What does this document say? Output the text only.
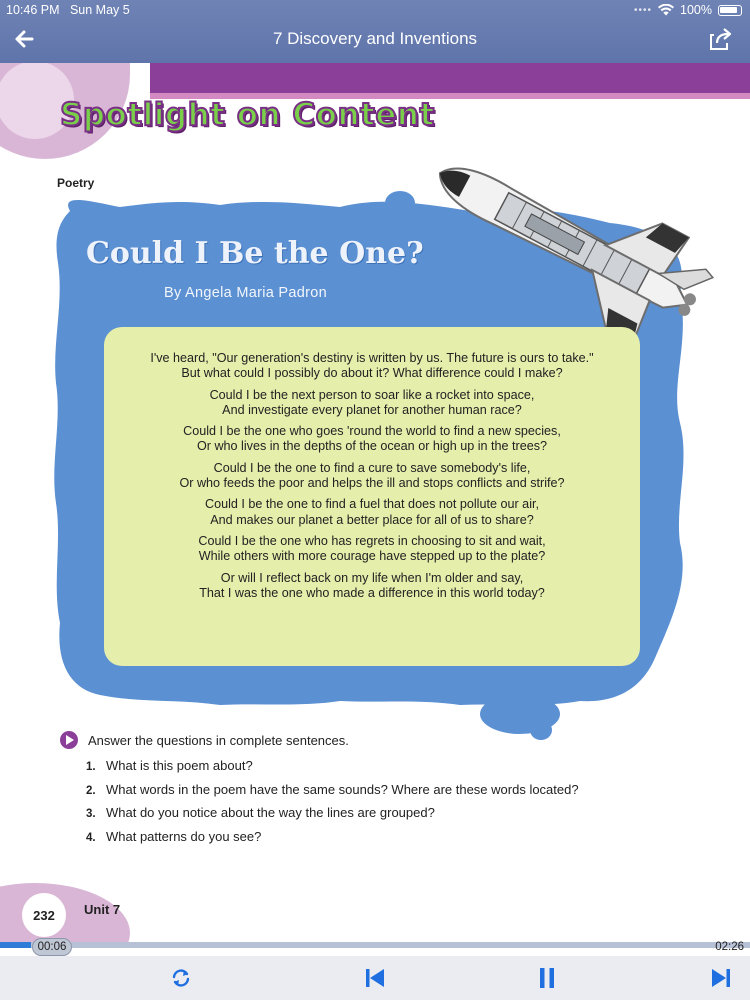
10:46 PM Sun May 5	•••• 100%
7 Discovery and Inventions
Spotlight on Content
Poetry
Could I Be the One?
By Angela Maria Padron
I've heard, "Our generation's destiny is written by us. The future is ours to take."
But what could I possibly do about it? What difference could I make?
Could I be the next person to soar like a rocket into space,
And investigate every planet for another human race?
Could I be the one who goes 'round the world to find a new species,
Or who lives in the depths of the ocean or high up in the trees?
Could I be the one to find a cure to save somebody's life,
Or who feeds the poor and helps the ill and stops conflicts and strife?
Could I be the one to find a fuel that does not pollute our air,
And makes our planet a better place for all of us to share?
Could I be the one who has regrets in choosing to sit and wait,
While others with more courage have stepped up to the plate?
Or will I reflect back on my life when I'm older and say,
That I was the one who made a difference in this world today?
Answer the questions in complete sentences.
1. What is this poem about?
2. What words in the poem have the same sounds? Where are these words located?
3. What do you notice about the way the lines are grouped?
4. What patterns do you see?
232	Unit 7
00:06	02:26
